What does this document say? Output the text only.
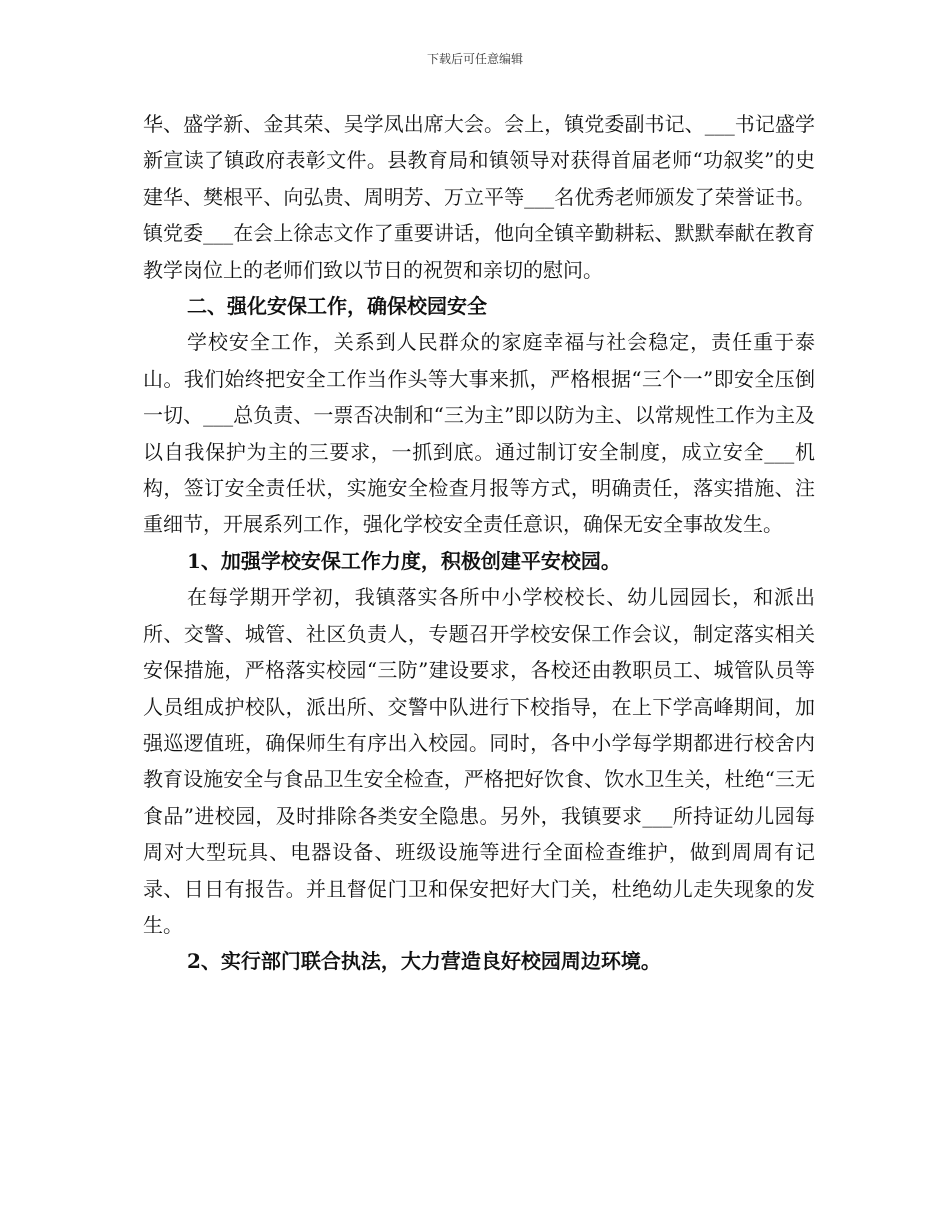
下载后可任意编辑

华、盛学新、金其荣、吴学凤出席大会。会上，镇党委副书记、___书记盛学新宣读了镇政府表彰文件。县教育局和镇领导对获得首届老师“功叙奖”的史建华、樊根平、向弘贵、周明芳、万立平等___名优秀老师颁发了荣誉证书。镇党委___在会上徐志文作了重要讲话，他向全镇辛勤耕耘、默默奉献在教育教学岗位上的老师们致以节日的祝贺和亲切的慰问。

二、强化安保工作，确保校园安全

学校安全工作，关系到人民群众的家庭幸福与社会稳定，责任重于泰山。我们始终把安全工作当作头等大事来抓，严格根据“三个一”即安全压倒一切、___总负责、一票否决制和“三为主”即以防为主、以常规性工作为主及以自我保护为主的三要求，一抓到底。通过制订安全制度，成立安全___机构，签订安全责任状，实施安全检查月报等方式，明确责任，落实措施、注重细节，开展系列工作，强化学校安全责任意识，确保无安全事故发生。

1、加强学校安保工作力度，积极创建平安校园。

在每学期开学初，我镇落实各所中小学校校长、幼儿园园长，和派出所、交警、城管、社区负责人，专题召开学校安保工作会议，制定落实相关安保措施，严格落实校园“三防”建设要求，各校还由教职员工、城管队员等人员组成护校队，派出所、交警中队进行下校指导，在上下学高峰期间，加强巡逻值班，确保师生有序出入校园。同时，各中小学每学期都进行校舍内教育设施安全与食品卫生安全检查，严格把好饮食、饮水卫生关，杜绝“三无食品”进校园，及时排除各类安全隐患。另外，我镇要求___所持证幼儿园每周对大型玩具、电器设备、班级设施等进行全面检查维护，做到周周有记录、日日有报告。并且督促门卫和保安把好大门关，杜绝幼儿走失现象的发生。

2、实行部门联合执法，大力营造良好校园周边环境。
